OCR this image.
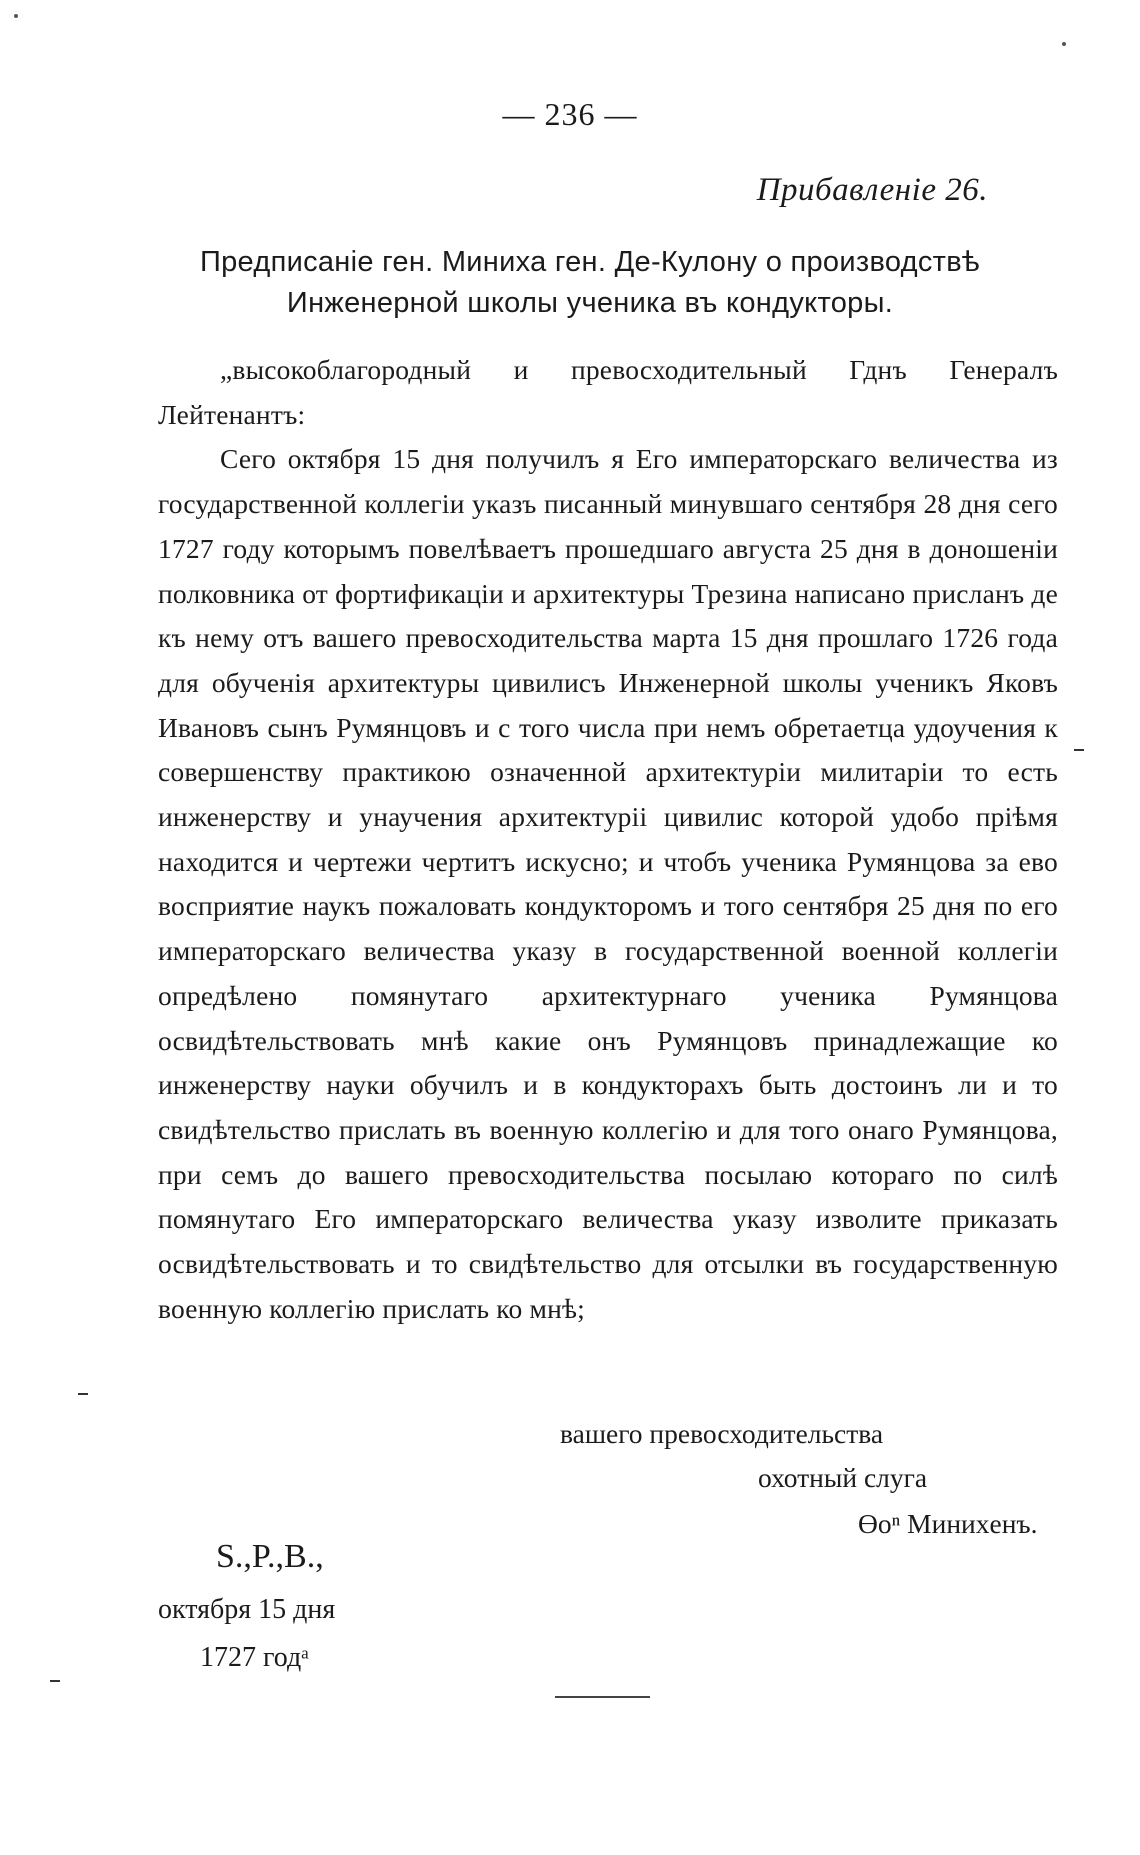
— 236 —
Прибавленіе 26.
Предписаніе ген. Миниха ген. Де-Кулону о производствѣ
Инженерной школы ученика въ кондукторы.

„высокоблагородный и превосходительный Гднъ Генералъ Лейтенантъ:

Сего октября 15 дня получилъ я Его императорскаго величества из государственной коллегіи указъ писанный минувшаго сентября 28 дня сего 1727 году которымъ повелѣваетъ прошедшаго августа 25 дня в доношеніи полковника от фортификаціи и архитектуры Трезина написано присланъ де къ нему отъ вашего превосходительства марта 15 дня прошлаго 1726 года для обученія архитектуры цивилисъ Инженерной школы ученикъ Яковъ Ивановъ сынъ Румянцовъ и с того числа при немъ обретаетца удоучения к совершенству практикою означенной архитектуріи милитаріи то есть инженерству и унаучения архитектуріі цивилис которой удобо пріѣмя находится и чертежи чертитъ искусно; и чтобъ ученика Румянцова за ево восприятие наукъ пожаловать кондукторомъ и того сентября 25 дня по его императорскаго величества указу в государственной военной коллегіи опредѣлено помянутаго архитектурнаго ученика Румянцова освидѣтельствовать мнѣ какие онъ Румянцовъ принадлежащие ко инженерству науки обучилъ и в кондукторахъ быть достоинъ ли и то свидѣтельство прислать въ военную коллегію и для того онаго Румянцова, при семъ до вашего превосходительства посылаю котораго по силѣ помянутаго Его императорскаго величества указу изволите приказать освидѣтельствовать и то свидѣтельство для отсылки въ государственную военную коллегію прислать ко мнѣ;

вашего превосходительства
охотный слуга
Өоⁿ Миниxенъ.
S.,P.,B.,
октября 15 дня
1727 годᵃ
